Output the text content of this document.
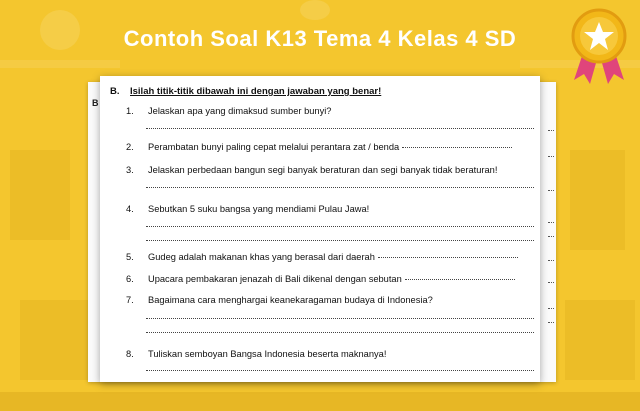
Contoh Soal K13 Tema 4 Kelas 4 SD
B
B. Isilah titik-titik dibawah ini dengan jawaban yang benar!
1. Jelaskan apa yang dimaksud sumber bunyi?
2. Perambatan bunyi paling cepat melalui perantara zat / benda
3. Jelaskan perbedaan bangun segi banyak beraturan dan segi banyak tidak beraturan!
4. Sebutkan 5 suku bangsa yang mendiami Pulau Jawa!
5. Gudeg adalah makanan khas yang berasal dari daerah
6. Upacara pembakaran jenazah di Bali dikenal dengan sebutan
7. Bagaimana cara menghargai keanekaragaman budaya di Indonesia?
8. Tuliskan semboyan Bangsa Indonesia beserta maknanya!
